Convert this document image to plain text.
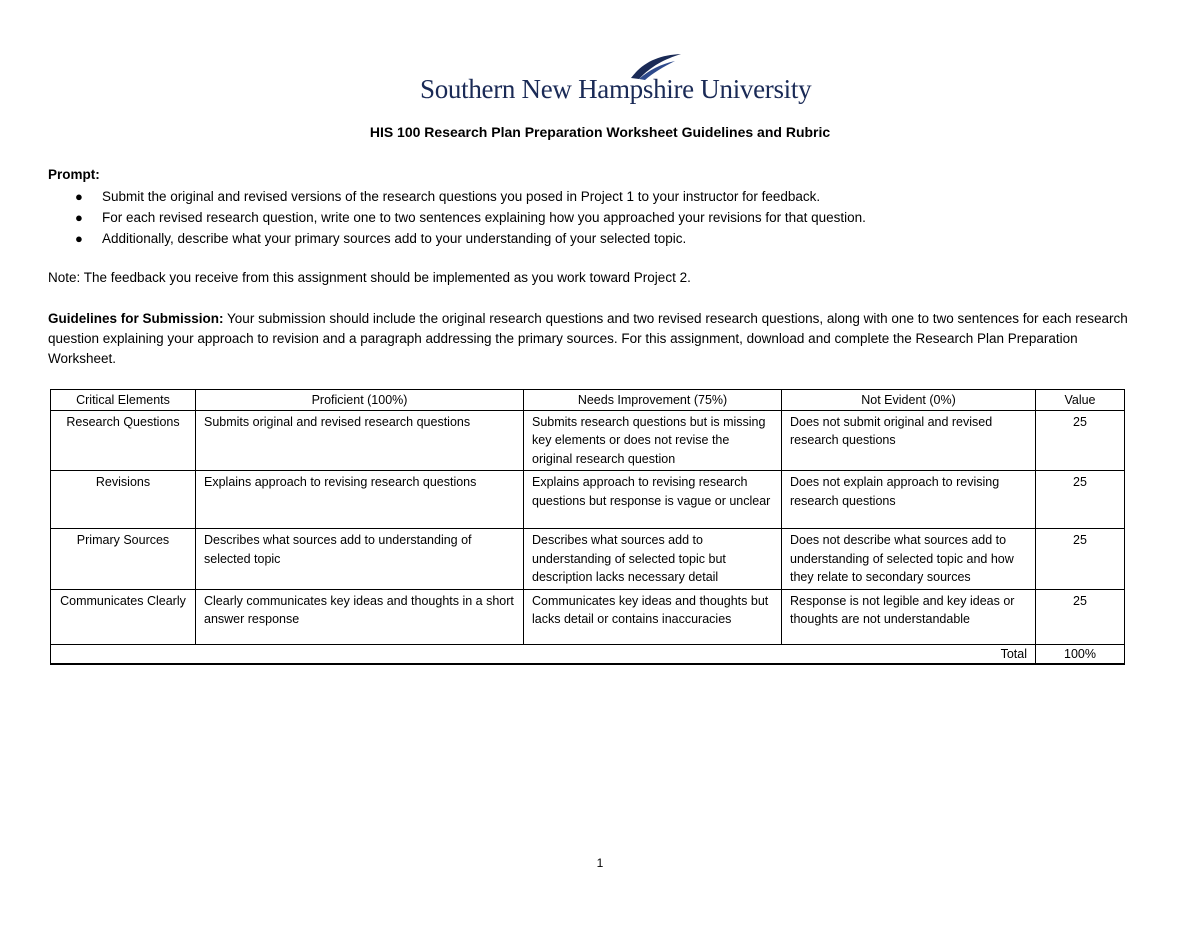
Southern New Hampshire University
HIS 100 Research Plan Preparation Worksheet Guidelines and Rubric
Prompt:
● Submit the original and revised versions of the research questions you posed in Project 1 to your instructor for feedback.
● For each revised research question, write one to two sentences explaining how you approached your revisions for that question.
● Additionally, describe what your primary sources add to your understanding of your selected topic.
Note: The feedback you receive from this assignment should be implemented as you work toward Project 2.
Guidelines for Submission: Your submission should include the original research questions and two revised research questions, along with one to two sentences for each research question explaining your approach to revision and a paragraph addressing the primary sources. For this assignment, download and complete the Research Plan Preparation Worksheet.
Critical Elements	Proficient (100%)	Needs Improvement (75%)	Not Evident (0%)	Value
Research Questions	Submits original and revised research questions	Submits research questions but is missing key elements or does not revise the original research question	Does not submit original and revised research questions	25
Revisions	Explains approach to revising research questions	Explains approach to revising research questions but response is vague or unclear	Does not explain approach to revising research questions	25
Primary Sources	Describes what sources add to understanding of selected topic	Describes what sources add to understanding of selected topic but description lacks necessary detail	Does not describe what sources add to understanding of selected topic and how they relate to secondary sources	25
Communicates Clearly	Clearly communicates key ideas and thoughts in a short answer response	Communicates key ideas and thoughts but lacks detail or contains inaccuracies	Response is not legible and key ideas or thoughts are not understandable	25
Total				100%
1
